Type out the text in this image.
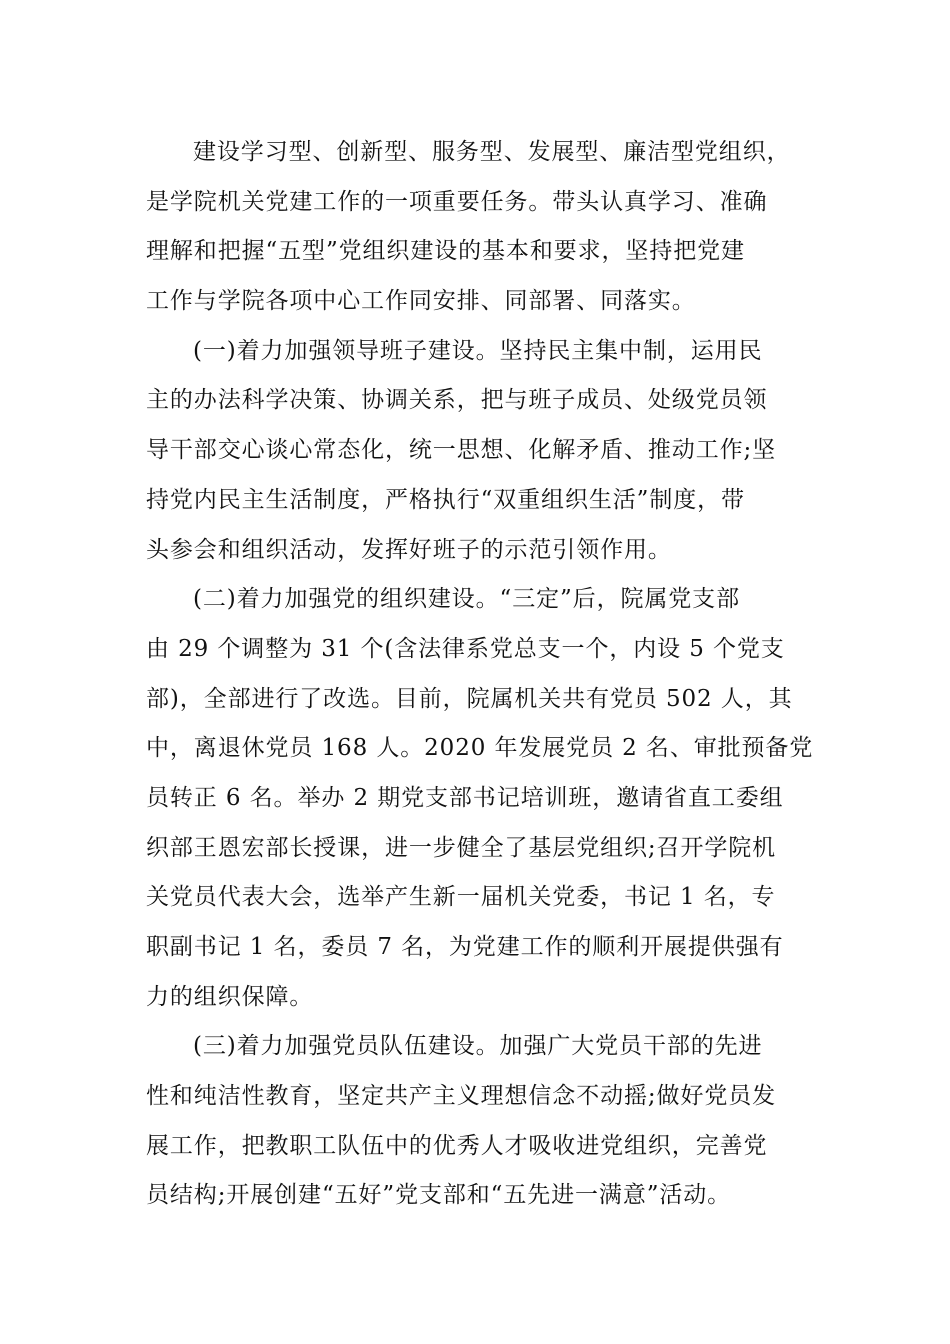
建设学习型、创新型、服务型、发展型、廉洁型党组织，
是学院机关党建工作的一项重要任务。带头认真学习、准确
理解和把握“五型”党组织建设的基本和要求，坚持把党建
工作与学院各项中心工作同安排、同部署、同落实。
(一)着力加强领导班子建设。坚持民主集中制，运用民
主的办法科学决策、协调关系，把与班子成员、处级党员领
导干部交心谈心常态化，统一思想、化解矛盾、推动工作;坚
持党内民主生活制度，严格执行“双重组织生活”制度，带
头参会和组织活动，发挥好班子的示范引领作用。
(二)着力加强党的组织建设。“三定”后，院属党支部
由 29 个调整为 31 个(含法律系党总支一个，内设 5 个党支
部)，全部进行了改选。目前，院属机关共有党员 502 人，其
中，离退休党员 168 人。2020 年发展党员 2 名、审批预备党
员转正 6 名。举办 2 期党支部书记培训班，邀请省直工委组
织部王恩宏部长授课，进一步健全了基层党组织;召开学院机
关党员代表大会，选举产生新一届机关党委，书记 1 名，专
职副书记 1 名，委员 7 名，为党建工作的顺利开展提供强有
力的组织保障。
(三)着力加强党员队伍建设。加强广大党员干部的先进
性和纯洁性教育，坚定共产主义理想信念不动摇;做好党员发
展工作，把教职工队伍中的优秀人才吸收进党组织，完善党
员结构;开展创建“五好”党支部和“五先进一满意”活动。
